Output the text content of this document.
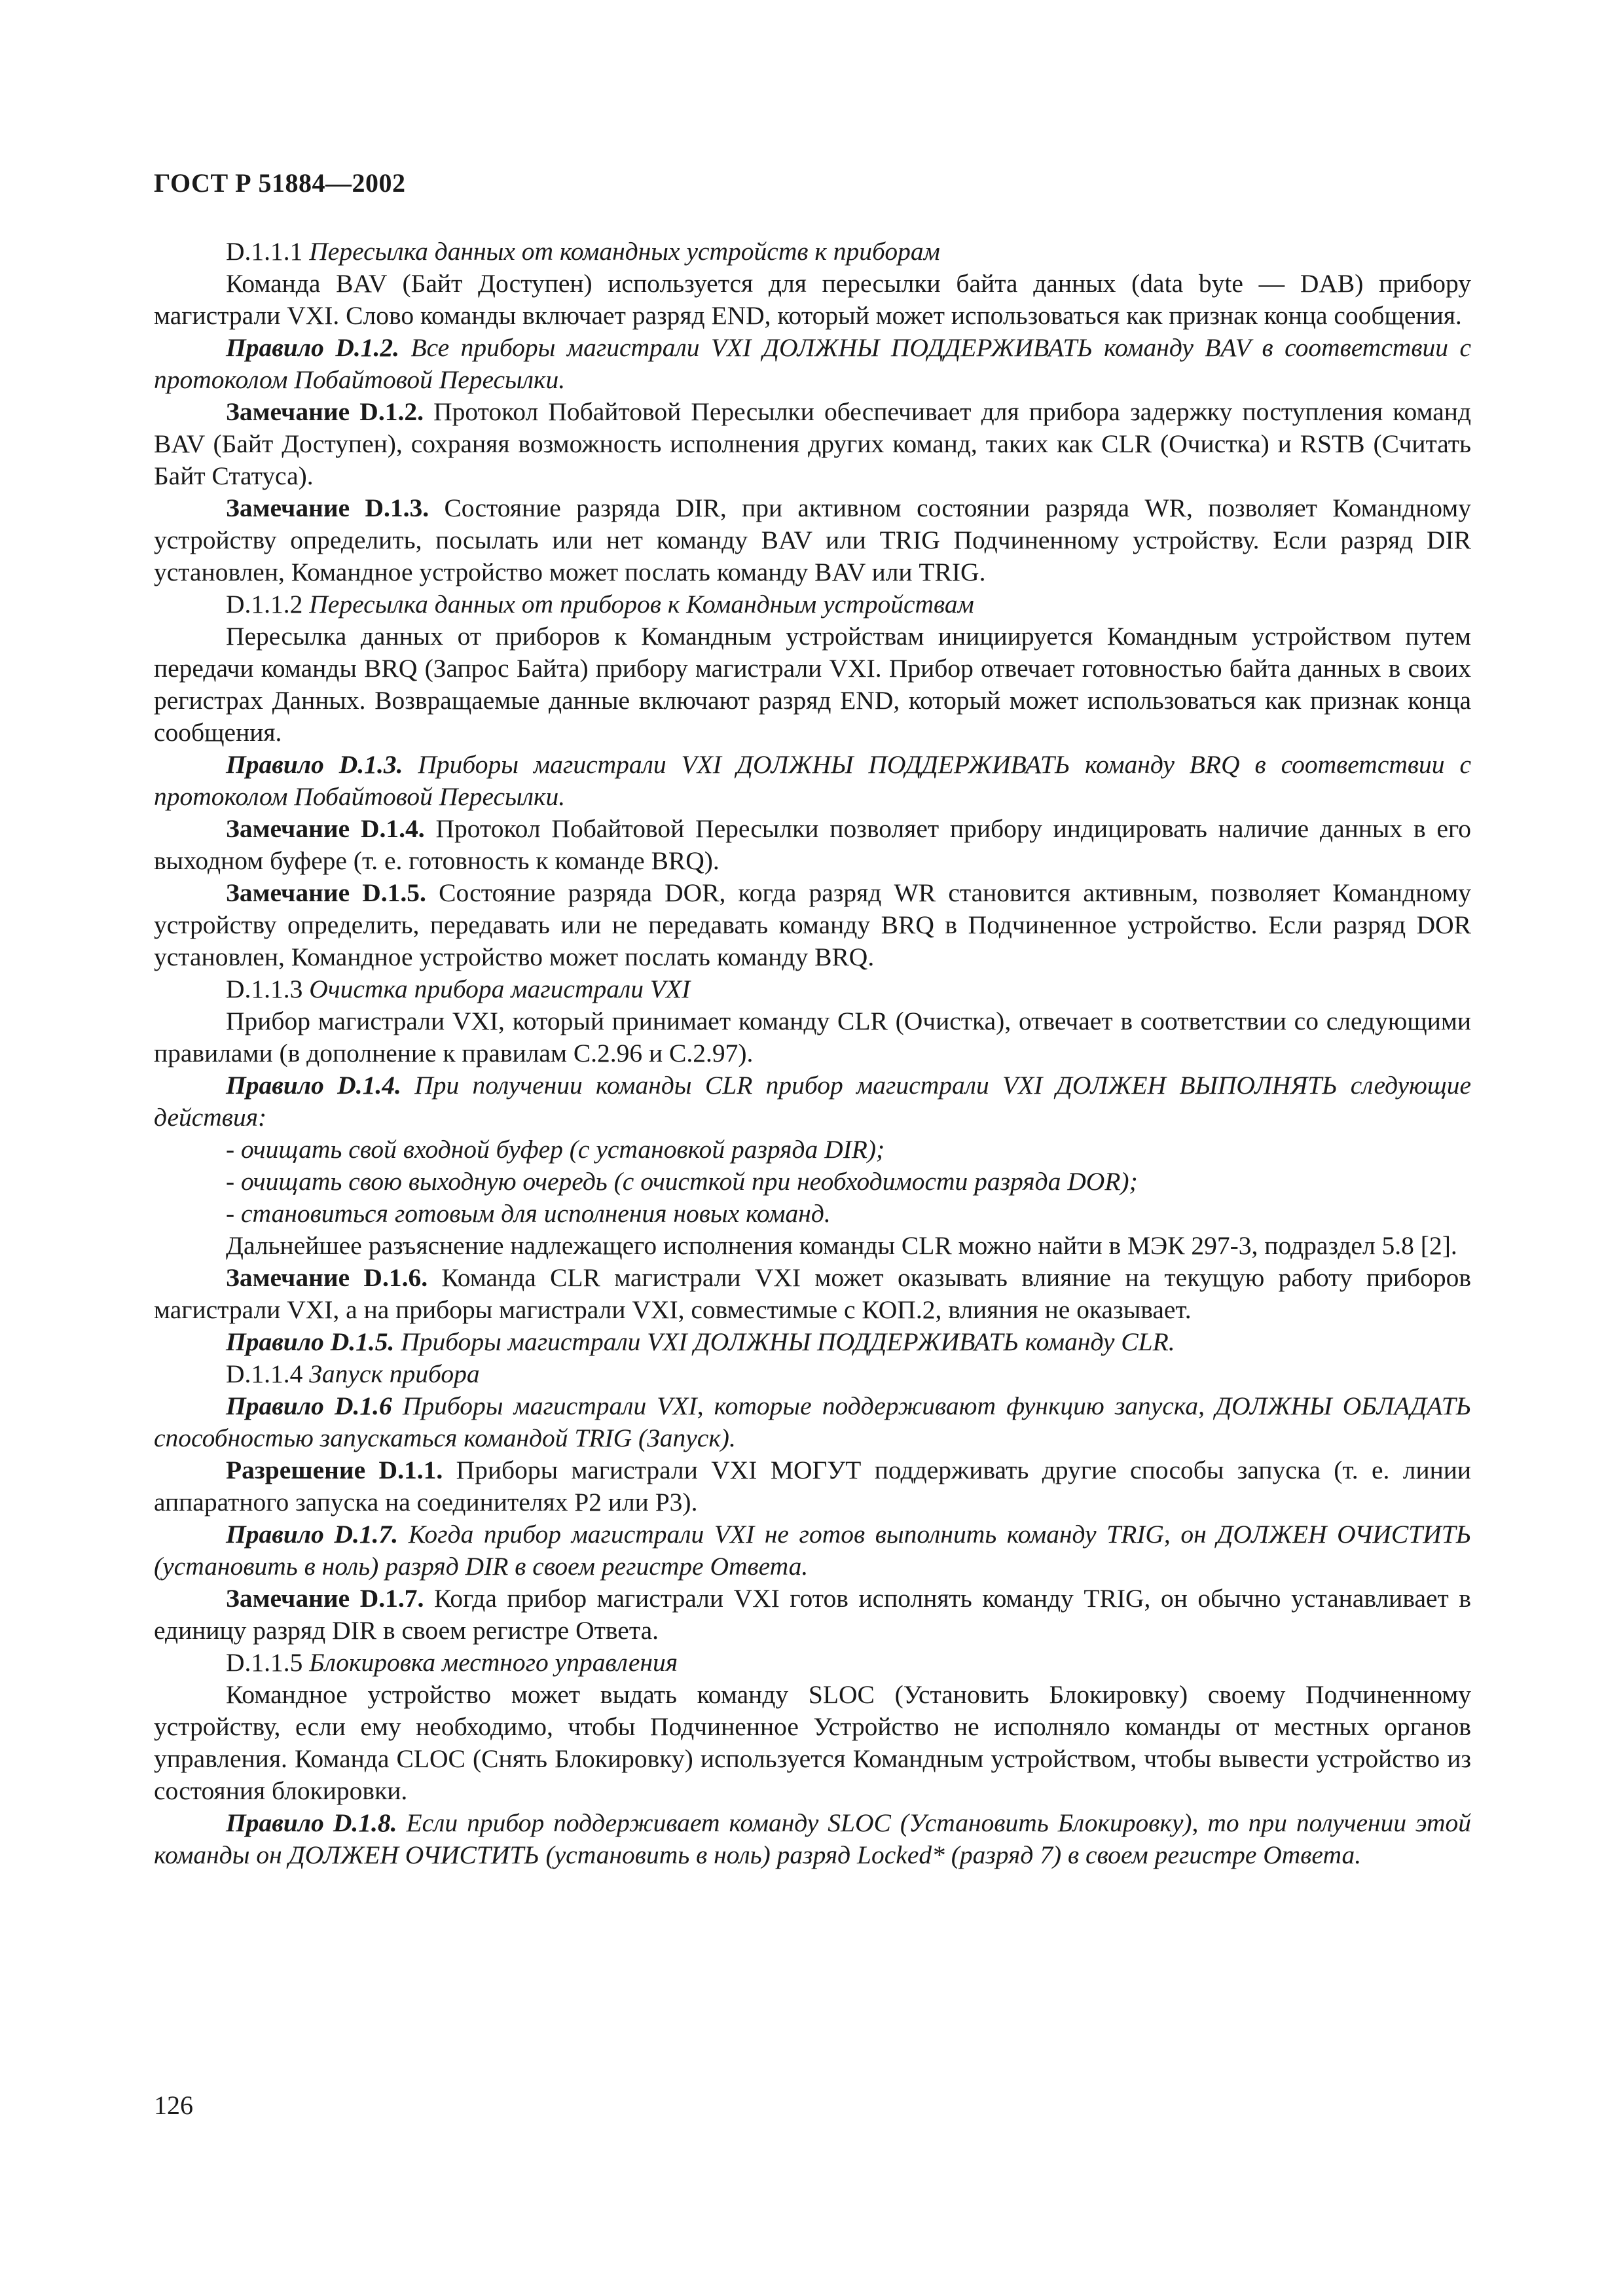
ГОСТ Р 51884—2002

D.1.1.1 Пересылка данных от командных устройств к приборам

Команда BAV (Байт Доступен) используется для пересылки байта данных (data byte — DAB) прибору магистрали VXI. Слово команды включает разряд END, который может использоваться как признак конца сообщения.

Правило D.1.2. Все приборы магистрали VXI ДОЛЖНЫ ПОДДЕРЖИВАТЬ команду BAV в соответствии с протоколом Побайтовой Пересылки.

Замечание D.1.2. Протокол Побайтовой Пересылки обеспечивает для прибора задержку поступления команд BAV (Байт Доступен), сохраняя возможность исполнения других команд, таких как CLR (Очистка) и RSTB (Считать Байт Статуса).

Замечание D.1.3. Состояние разряда DIR, при активном состоянии разряда WR, позволяет Командному устройству определить, посылать или нет команду BAV или TRIG Подчиненному устройству. Если разряд DIR установлен, Командное устройство может послать команду BAV или TRIG.

D.1.1.2 Пересылка данных от приборов к Командным устройствам

Пересылка данных от приборов к Командным устройствам инициируется Командным устройством путем передачи команды BRQ (Запрос Байта) прибору магистрали VXI. Прибор отвечает готовностью байта данных в своих регистрах Данных. Возвращаемые данные включают разряд END, который может использоваться как признак конца сообщения.

Правило D.1.3. Приборы магистрали VXI ДОЛЖНЫ ПОДДЕРЖИВАТЬ команду BRQ в соответствии с протоколом Побайтовой Пересылки.

Замечание D.1.4. Протокол Побайтовой Пересылки позволяет прибору индицировать наличие данных в его выходном буфере (т. е. готовность к команде BRQ).

Замечание D.1.5. Состояние разряда DOR, когда разряд WR становится активным, позволяет Командному устройству определить, передавать или не передавать команду BRQ в Подчиненное устройство. Если разряд DOR установлен, Командное устройство может послать команду BRQ.

D.1.1.3 Очистка прибора магистрали VXI

Прибор магистрали VXI, который принимает команду CLR (Очистка), отвечает в соответствии со следующими правилами (в дополнение к правилам С.2.96 и С.2.97).

Правило D.1.4. При получении команды CLR прибор магистрали VXI ДОЛЖЕН ВЫПОЛНЯТЬ следующие действия:

- очищать свой входной буфер (с установкой разряда DIR);

- очищать свою выходную очередь (с очисткой при необходимости разряда DOR);

- становиться готовым для исполнения новых команд.

Дальнейшее разъяснение надлежащего исполнения команды CLR можно найти в МЭК 297-3, подраздел 5.8 [2].

Замечание D.1.6. Команда CLR магистрали VXI может оказывать влияние на текущую работу приборов магистрали VXI, а на приборы магистрали VXI, совместимые с КОП.2, влияния не оказывает.

Правило D.1.5. Приборы магистрали VXI ДОЛЖНЫ ПОДДЕРЖИВАТЬ команду CLR.

D.1.1.4 Запуск прибора

Правило D.1.6 Приборы магистрали VXI, которые поддерживают функцию запуска, ДОЛЖНЫ ОБЛАДАТЬ способностью запускаться командой TRIG (Запуск).

Разрешение D.1.1. Приборы магистрали VXI МОГУТ поддерживать другие способы запуска (т. е. линии аппаратного запуска на соединителях P2 или P3).

Правило D.1.7. Когда прибор магистрали VXI не готов выполнить команду TRIG, он ДОЛЖЕН ОЧИСТИТЬ (установить в ноль) разряд DIR в своем регистре Ответа.

Замечание D.1.7. Когда прибор магистрали VXI готов исполнять команду TRIG, он обычно устанавливает в единицу разряд DIR в своем регистре Ответа.

D.1.1.5 Блокировка местного управления

Командное устройство может выдать команду SLOC (Установить Блокировку) своему Подчиненному устройству, если ему необходимо, чтобы Подчиненное Устройство не исполняло команды от местных органов управления. Команда CLOC (Снять Блокировку) используется Командным устройством, чтобы вывести устройство из состояния блокировки.

Правило D.1.8. Если прибор поддерживает команду SLOC (Установить Блокировку), то при получении этой команды он ДОЛЖЕН ОЧИСТИТЬ (установить в ноль) разряд Locked* (разряд 7) в своем регистре Ответа.

126
